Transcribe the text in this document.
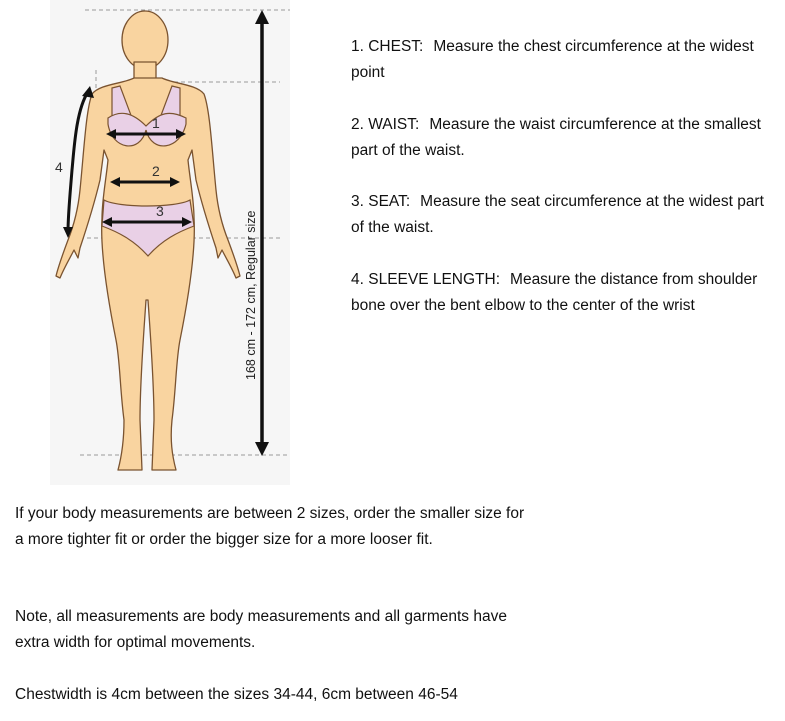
1
2
3
4
168 cm - 172 cm, Regular size

1. CHEST: Measure the chest circumference at the widest point

2. WAIST: Measure the waist circumference at the smallest part of the waist.

3. SEAT: Measure the seat circumference at the widest part of the waist.

4. SLEEVE LENGTH: Measure the distance from shoulder bone over the bent elbow to the center of the wrist

If your body measurements are between 2 sizes, order the smaller size for a more tighter fit or order the bigger size for a more looser fit.

Note, all measurements are body measurements and all garments have extra width for optimal movements.

Chestwidth is 4cm between the sizes 34-44, 6cm between 46-54
